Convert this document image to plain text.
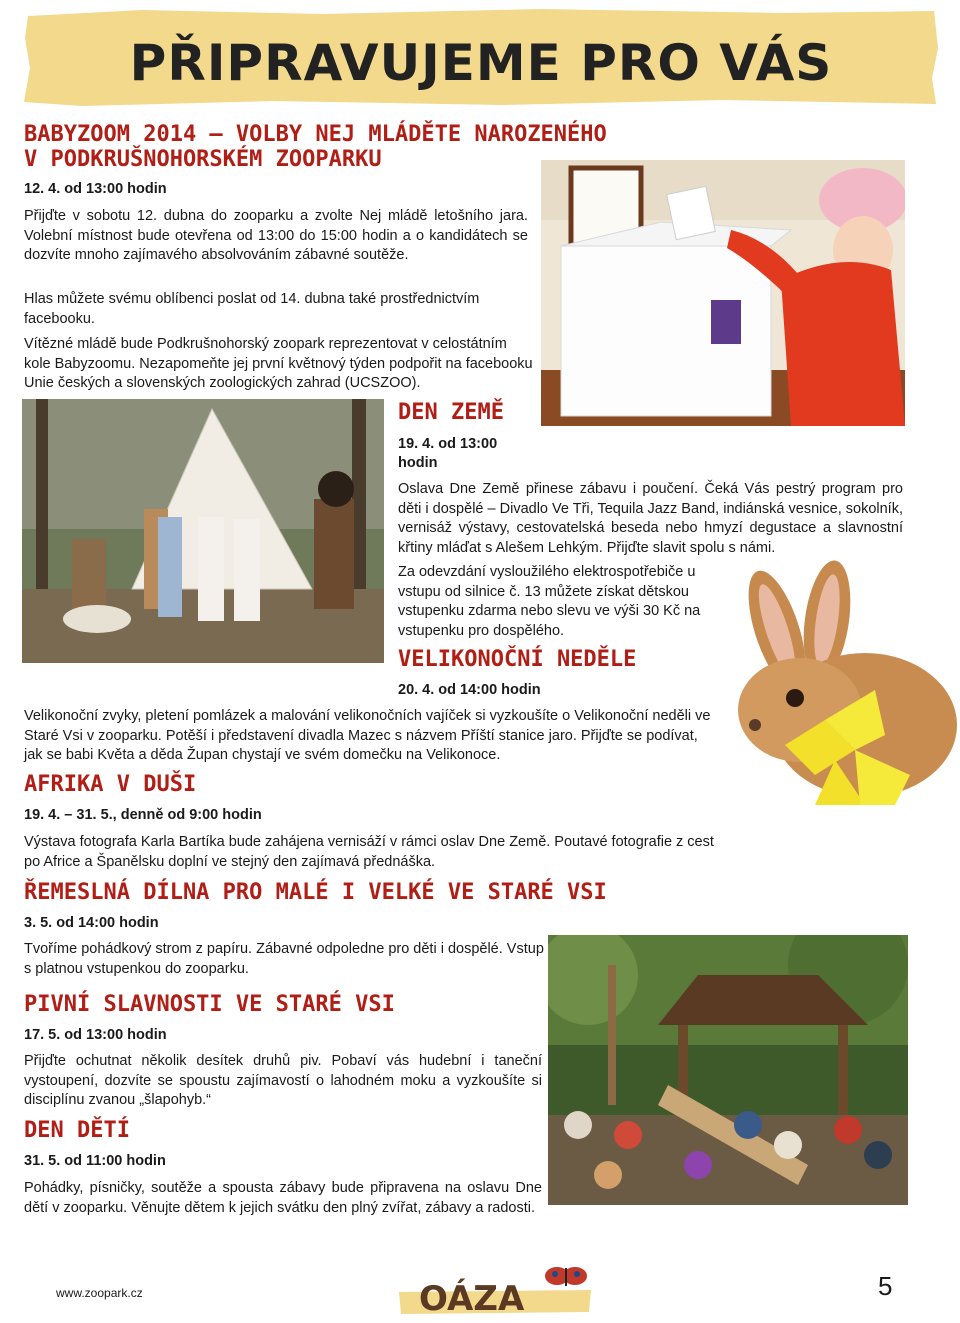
PŘIPRAVUJEME PRO VÁS
BABYZOOM 2014 – VOLBY NEJ MLÁDĚTE NAROZENÉHO
V PODKRUŠNOHORSKÉM ZOOPARKU
12. 4. od 13:00 hodin
Přijďte v sobotu 12. dubna do zooparku a zvolte Nej mládě letošního jara. Volební místnost bude otevřena od 13:00 do 15:00 hodin a o kandidátech se dozvíte mnoho zajímavého absolvováním zábavné soutěže.
Hlas můžete svému oblíbenci poslat od 14. dubna také prostřednictvím facebooku.
Vítězné mládě bude Podkrušnohorský zoopark reprezentovat v celostátním kole Babyzoomu. Nezapomeňte jej první květnový týden podpořit na facebooku Unie českých a slovenských zoologických zahrad (UCSZOO).
DEN ZEMĚ
19. 4. od 13:00
hodin
Oslava Dne Země přinese zábavu i poučení. Čeká Vás pestrý program pro děti i dospělé – Divadlo Ve Tři, Tequila Jazz Band, indiánská vesnice, sokolník, vernisáž výstavy, cestovatelská beseda nebo hmyzí degustace a slavnostní křtiny mláďat s Alešem Lehkým. Přijďte slavit spolu s námi.
Za odevzdání vysloužilého elektrospotřebiče u vstupu od silnice č. 13 můžete získat dětskou vstupenku zdarma nebo slevu ve výši 30 Kč na vstupenku pro dospělého.
VELIKONOČNÍ NEDĚLE
20. 4. od 14:00 hodin
Velikonoční zvyky, pletení pomlázek a malování velikonočních vajíček si vyzkoušíte o Velikonoční neděli ve Staré Vsi v zooparku. Potěší i představení divadla Mazec s názvem Příští stanice jaro. Přijďte se podívat, jak se babi Květa a děda Župan chystají ve svém domečku na Velikonoce.
AFRIKA V DUŠI
19. 4. – 31. 5., denně od 9:00 hodin
Výstava fotografa Karla Bartíka bude zahájena vernisáží v rámci oslav Dne Země. Poutavé fotografie z cest po Africe a Španělsku doplní ve stejný den zajímavá přednáška.
ŘEMESLNÁ DÍLNA PRO MALÉ I VELKÉ VE STARÉ VSI
3. 5. od 14:00 hodin
Tvoříme pohádkový strom z papíru. Zábavné odpoledne pro děti i dospělé. Vstup s platnou vstupenkou do zooparku.
PIVNÍ SLAVNOSTI VE STARÉ VSI
17. 5. od 13:00 hodin
Přijďte ochutnat několik desítek druhů piv. Pobaví vás hudební i taneční vystoupení, dozvíte se spoustu zajímavostí o lahodném moku a vyzkoušíte si disciplínu zvanou „šlapohyb.“
DEN DĚTÍ
31. 5. od 11:00 hodin
Pohádky, písničky, soutěže a spousta zábavy bude připravena na oslavu Dne dětí v zooparku. Věnujte dětem k jejich svátku den plný zvířat, zábavy a radosti.
www.zoopark.cz	OÁZA	5
